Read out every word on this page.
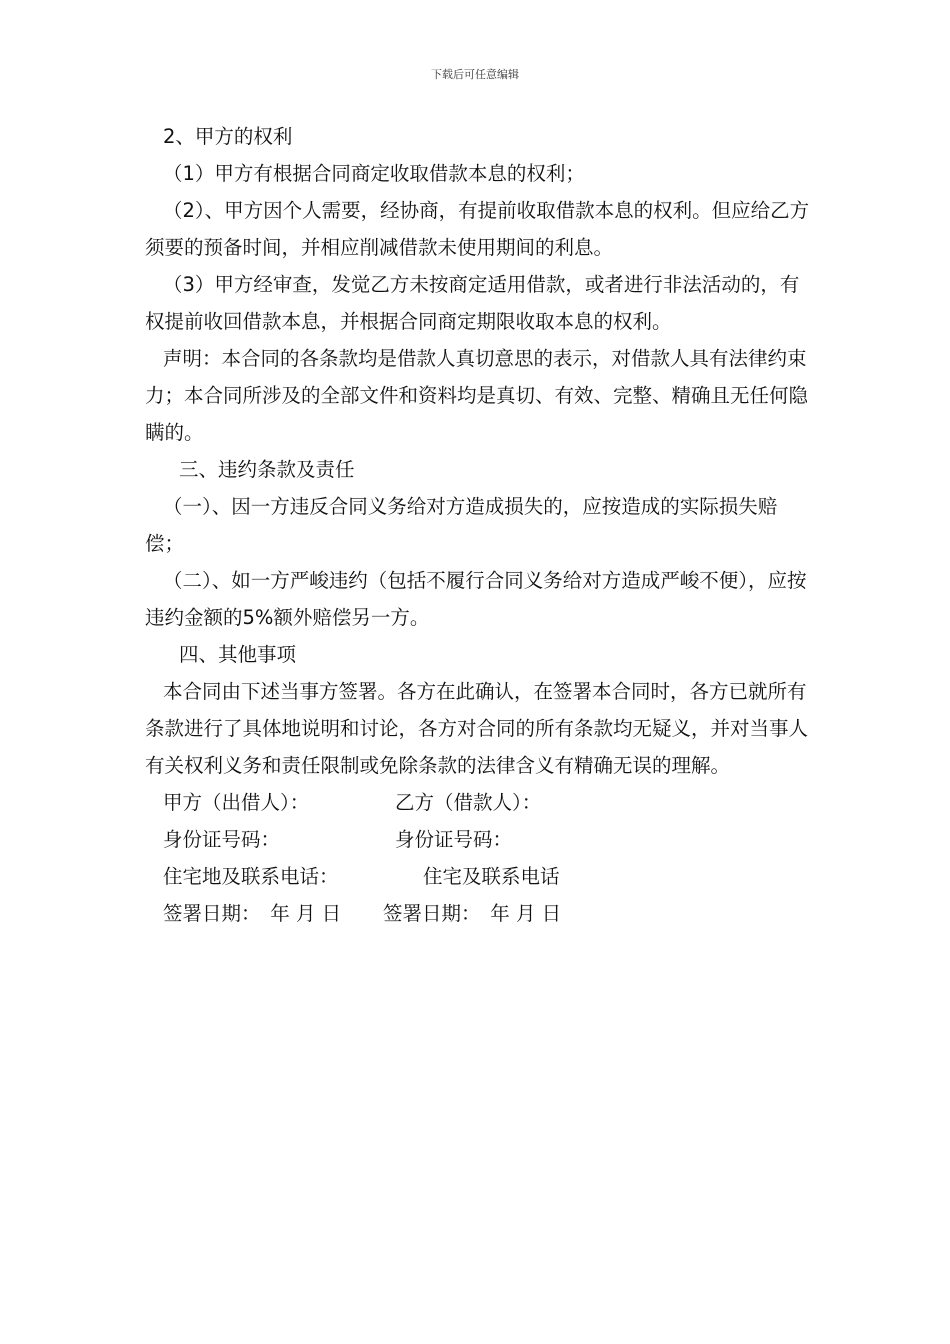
下载后可任意编辑

2、甲方的权利

（1）甲方有根据合同商定收取借款本息的权利；

（2）、甲方因个人需要，经协商，有提前收取借款本息的权利。但应给乙方须要的预备时间，并相应削减借款未使用期间的利息。

（3）甲方经审查，发觉乙方未按商定适用借款，或者进行非法活动的，有权提前收回借款本息，并根据合同商定期限收取本息的权利。

声明：本合同的各条款均是借款人真切意思的表示，对借款人具有法律约束力；本合同所涉及的全部文件和资料均是真切、有效、完整、精确且无任何隐瞒的。

三、违约条款及责任

（一）、因一方违反合同义务给对方造成损失的，应按造成的实际损失赔偿；

（二）、如一方严峻违约（包括不履行合同义务给对方造成严峻不便），应按违约金额的5%额外赔偿另一方。

四、其他事项

本合同由下述当事方签署。各方在此确认，在签署本合同时，各方已就所有条款进行了具体地说明和讨论，各方对合同的所有条款均无疑义，并对当事人有关权利义务和责任限制或免除条款的法律含义有精确无误的理解。

甲方（出借人）：	乙方（借款人）：
身份证号码：	身份证号码：
住宅地及联系电话：	住宅及联系电话
签署日期：　年 月 日 签署日期：　年 月 日
